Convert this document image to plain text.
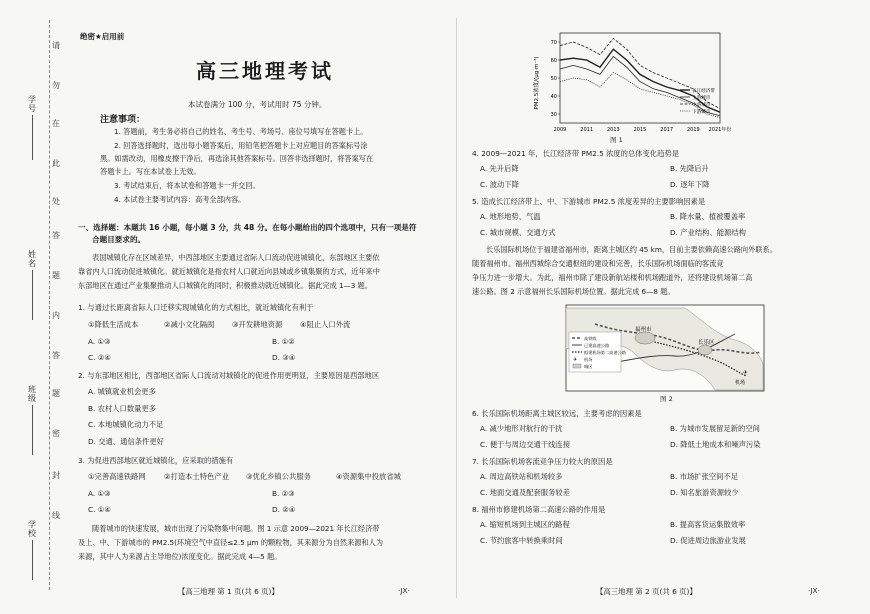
学号
姓名
班级
学校
请
勿
在
此
处
答
题
内
答
题
密
封
线
绝密★启用前
高三地理考试
本试卷满分 100 分，考试用时 75 分钟。
注意事项：
1. 答题前，考生务必将自己的姓名、考生号、考场号、座位号填写在答题卡上。
2. 回答选择题时，选出每小题答案后，用铅笔把答题卡上对应题目的答案标号涂
黑。如需改动，用橡皮擦干净后，再选涂其他答案标号。回答非选择题时，将答案写在
答题卡上。写在本试卷上无效。
3. 考试结束后，将本试卷和答题卡一并交回。
4. 本试卷主要考试内容：高考全部内容。
一、选择题：本题共 16 小题，每小题 3 分，共 48 分。在每小题给出的四个选项中，只有一项是符
合题目要求的。
表国城镇化存在区域差异，中西部地区主要通过省际人口流动促进城镇化，东部地区主要依
靠省内人口流动促进城镇化。就近城镇化是指农村人口就近向县城或乡镇集聚的方式，近年来中
东部地区在通过产业集聚推动人口城镇化的同时，积极推动就近城镇化。据此完成 1—3 题。
1. 与通过长距离省际人口迁移实现城镇化的方式相比，就近城镇化有利于
①降低生活成本	②减小文化隔阂 ③开发耕地资源 ④阻止人口外流
A. ①③	B. ①②
C. ②④	D. ③④
2. 与东部地区相比，西部地区省际人口流动对城镇化的促进作用更明显，主要原因是西部地区
A. 城镇就业机会更多
B. 农村人口数量更多
C. 本地城镇化动力不足
D. 交通、通信条件更好
3. 为促进西部地区就近城镇化，应采取的措施有
①完善高速铁路网	②打造本土特色产业 ③优化乡镇公共服务	④资源集中投放省城
A. ①③	B. ②③
C. ①④	D. ②④
随着城市的快速发展，城市出现了污染物集中问题。图 1 示意 2009—2021 年长江经济带
及上、中、下游城市的 PM2.5(环境空气中直径≤2.5 μm 的颗粒物，其来源分为自然来源和人为
来源，其中人为来源占主导地位)浓度变化。据此完成 4—5 题。
【高三地理 第 1 页(共 6 页)】	·JX·
70
60
50
40
30
2009	2011	2013	2015	2017	2019 2021年份
长江经济带
上游城市
中游城市
下游城市
PM2.5浓度/(μg·m⁻³)
图 1
4. 2009—2021 年，长江经济带 PM2.5 浓度的总体变化趋势是
A. 先升后降	B. 先降后升
C. 波动下降	D. 逐年下降
5. 造成长江经济带上、中、下游城市 PM2.5 浓度差异的主要影响因素是
A. 地形地势、气温	B. 降水量、植被覆盖率
C. 城市规模、交通方式	D. 产业结构、能源结构
长乐国际机场位于福建省福州市，距离主城区约 45 km，目前主要依赖高速公路向外联系。
随着福州市、福州西城综合交通枢纽的建设和完善，长乐国际机场面临的客流竞
争压力进一步增大。为此，福州市除了建设新航站楼和机场跑道外，还将建设机场第二高
速公路。图 2 示意福州长乐国际机场位置。据此完成 6—8 题。
福州市
长乐区
✈
机场
高铁线
已建高速公路
拟建机场第二高速公路
✈ 机场
城区
图 2
6. 长乐国际机场距离主城区较远，主要考虑的因素是
A. 减少地形对航行的干扰	B. 为城市发展留足新的空间
C. 便于与周边交通干线连接	D. 降低土地成本和噪声污染
7. 长乐国际机场客流竞争压力较大的原因是
A. 周边高铁站和机场较多	B. 市场扩张空间不足
C. 地面交通及配套服务较差	D. 知名旅游资源较少
8. 福州市修建机场第二高速公路的作用是
A. 缩短机场到主城区的路程	B. 提高客货运集散效率
C. 节约旅客中转换乘时间	D. 促进周边旅游业发展
【高三地理 第 2 页(共 6 页)】	·JX·
